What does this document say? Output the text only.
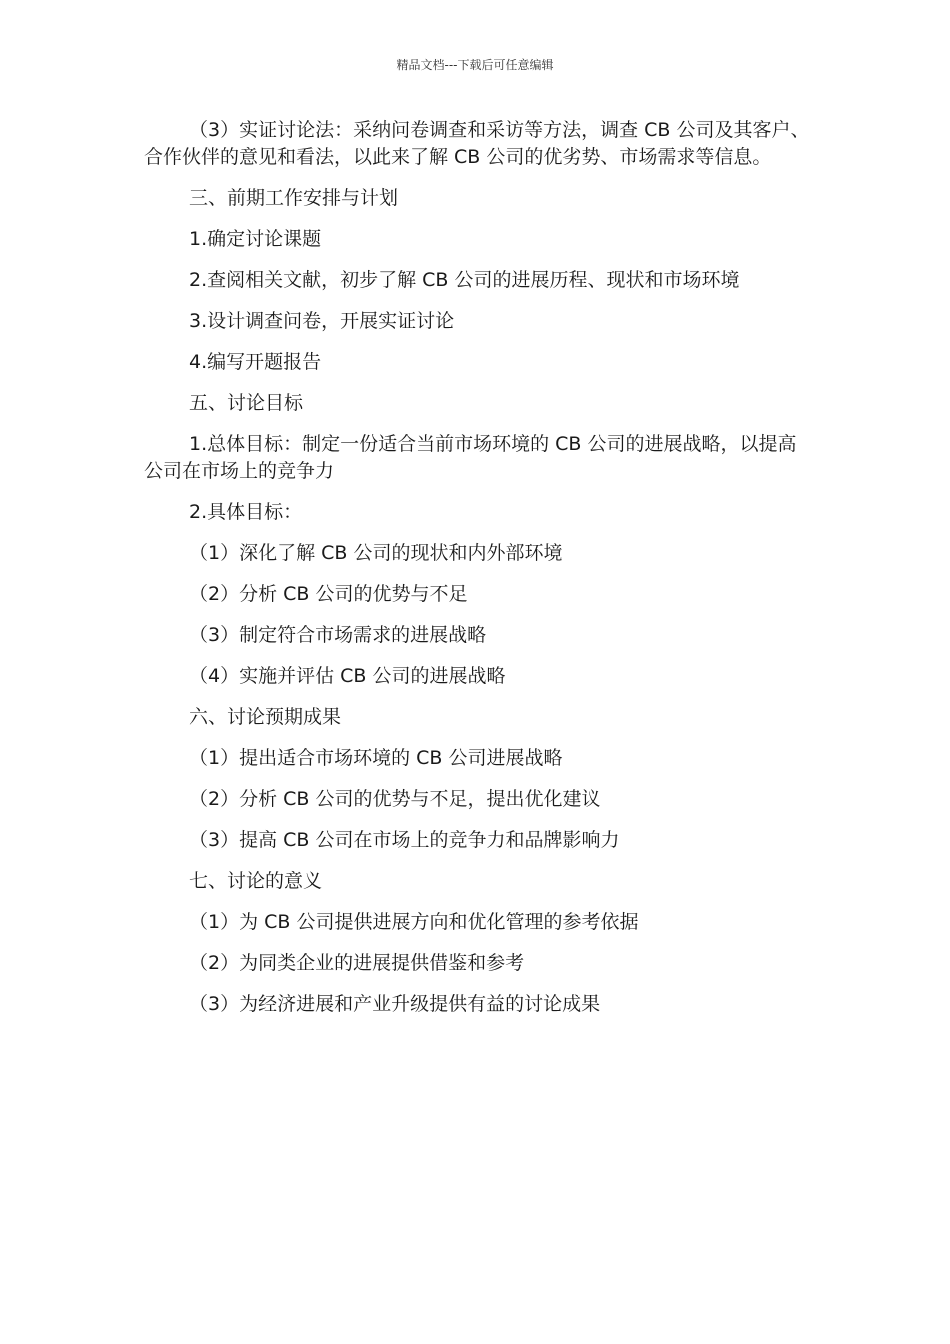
精品文档---下载后可任意编辑

（3）实证讨论法：采纳问卷调查和采访等方法，调查 CB 公司及其客户、合作伙伴的意见和看法，以此来了解 CB 公司的优劣势、市场需求等信息。

三、前期工作安排与计划

1.确定讨论课题

2.查阅相关文献，初步了解 CB 公司的进展历程、现状和市场环境

3.设计调查问卷，开展实证讨论

4.编写开题报告

五、讨论目标

1.总体目标：制定一份适合当前市场环境的 CB 公司的进展战略，以提高公司在市场上的竞争力

2.具体目标：

（1）深化了解 CB 公司的现状和内外部环境

（2）分析 CB 公司的优势与不足

（3）制定符合市场需求的进展战略

（4）实施并评估 CB 公司的进展战略

六、讨论预期成果

（1）提出适合市场环境的 CB 公司进展战略

（2）分析 CB 公司的优势与不足，提出优化建议

（3）提高 CB 公司在市场上的竞争力和品牌影响力

七、讨论的意义

（1）为 CB 公司提供进展方向和优化管理的参考依据

（2）为同类企业的进展提供借鉴和参考

（3）为经济进展和产业升级提供有益的讨论成果
